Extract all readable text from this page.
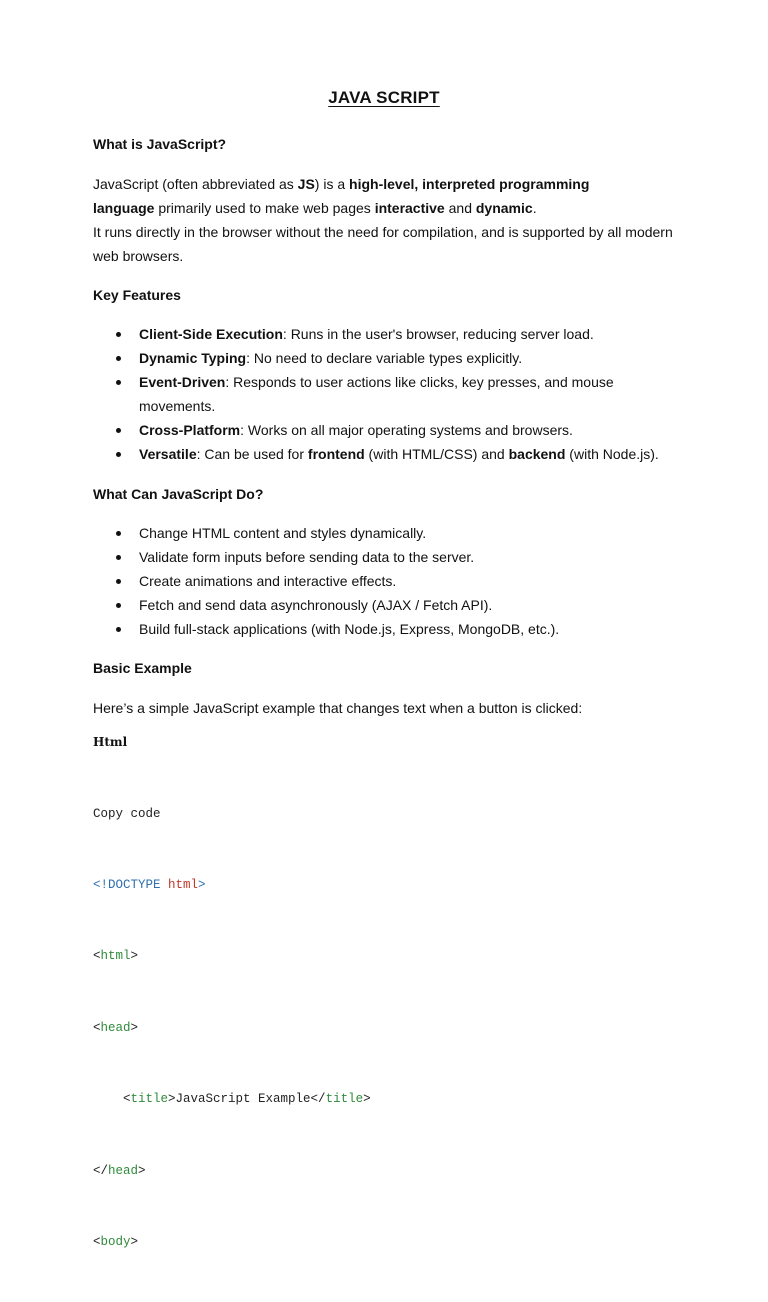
JAVA SCRIPT
What is JavaScript?
JavaScript (often abbreviated as JS) is a high-level, interpreted programming
language primarily used to make web pages interactive and dynamic.
It runs directly in the browser without the need for compilation, and is supported by all modern web browsers.
Key Features
Client-Side Execution: Runs in the user's browser, reducing server load.
Dynamic Typing: No need to declare variable types explicitly.
Event-Driven: Responds to user actions like clicks, key presses, and mouse movements.
Cross-Platform: Works on all major operating systems and browsers.
Versatile: Can be used for frontend (with HTML/CSS) and backend (with Node.js).
What Can JavaScript Do?
Change HTML content and styles dynamically.
Validate form inputs before sending data to the server.
Create animations and interactive effects.
Fetch and send data asynchronously (AJAX / Fetch API).
Build full-stack applications (with Node.js, Express, MongoDB, etc.).
Basic Example
Here’s a simple JavaScript example that changes text when a button is clicked:
Html

Copy code

<!DOCTYPE html>

<html>

<head>

<title>JavaScript Example</title>

</head>

<body>
